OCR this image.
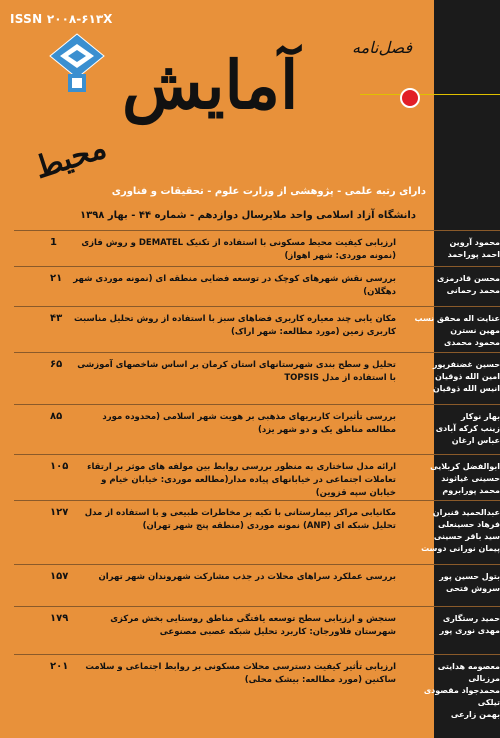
ISSN ۲۰۰۸-۶۱۳X
فصل‌نامه
آمایش
محیط
دارای رتبه علمی - پژوهشی از وزارت علوم - تحقیقات و فناوری
دانشگاه آزاد اسلامی واحد ملایر
سال دوازدهم - شماره ۴۴ - بهار ۱۳۹۸
محمود آروین
احمد پوراحمد
ارزیابی کیفیت محیط مسکونی با استفاده از تکنیک DEMATEL و روش فازی (نمونه موردی: شهر اهواز)
1
محسن قادرمزی
محمد رحمانی
بررسی نقش شهرهای کوچک در توسعه فضایی منطقه ای (نمونه موردی شهر دهگلان)
۲۱
عنایت اله محقق نسب
مهین نسترن
محمود محمدی
مکان یابی چند معیاره کاربری فضاهای سبز با استفاده از روش تحلیل مناسبت کاربری زمین (مورد مطالعه: شهر اراک)
۴۳
حسین غضنفرپور
امین الله ذوقیان
انیس الله ذوقیان
تحلیل و سطح بندی شهرستانهای استان کرمان بر اساس شاخصهای آموزشی با استفاده از مدل TOPSIS
۶۵
بهار نوکار
زینب کرکه آبادی
عباس ارغان
بررسی تأثیرات کاربریهای مذهبی بر هویت شهر اسلامی (محدوده مورد مطالعه مناطق یک و دو شهر یزد)
۸۵
ابوالفضل کربلایی حسینی غیاثوند
محمد پورابروم
ارائه مدل ساختاری به منظور بررسی روابط بین مولفه های موثر بر ارتقاء تعاملات اجتماعی در خیابانهای پیاده مدار(مطالعه موردی: خیابان خیام و خیابان سپه قزوین)
۱۰۵
عبدالحمید قنبران
فرهاد حسینعلی
سید باقر حسینی
پیمان نورانی دوست
مکانیابی مراکز بیمارستانی با تکیه بر مخاطرات طبیعی و با استفاده از مدل تحلیل شبکه ای (ANP) نمونه موردی (منطقه پنج شهر تهران)
۱۲۷
بتول حسین پور
سروش فتحی
بررسی عملکرد سراهای محلات در جذب مشارکت شهروندان شهر تهران
۱۵۷
حمید رستگاری
مهدی نوری پور
سنجش و ارزیابی سطح توسعه یافتگی مناطق روستایی بخش مرکزی شهرستان فلاورجان: کاربرد تحلیل شبکه عصبی مصنوعی
۱۷۹
معصومه هدایتی مرزبالی
محمدجواد مقصودی تیلکی
بهمن زارعی
ارزیابی تأثیر کیفیت دسترسی محلات مسکونی بر روابط اجتماعی و سلامت ساکنین (مورد مطالعه: بیشک محلی)
۲۰۱
